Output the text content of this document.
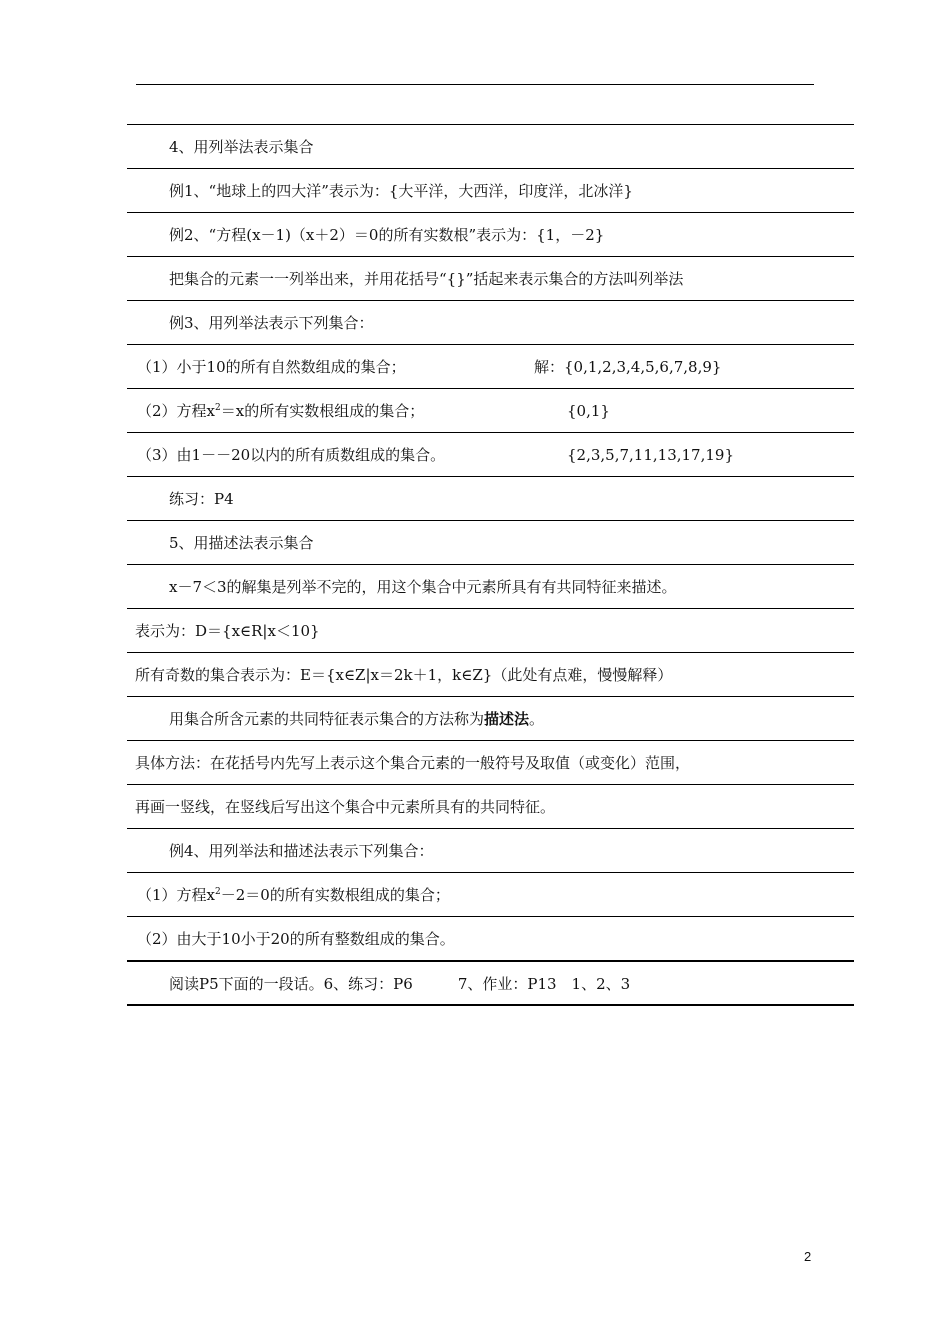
4、用列举法表示集合
例1、“地球上的四大洋”表示为：{大平洋，大西洋，印度洋，北冰洋}
例2、“方程(x－1)（x＋2）＝0的所有实数根”表示为：{1，－2}
把集合的元素一一列举出来，并用花括号“{}”括起来表示集合的方法叫列举法
例3、用列举法表示下列集合：
（1）小于10的所有自然数组成的集合；	解：{0,1,2,3,4,5,6,7,8,9}
（2）方程$x^2=x$的所有实数根组成的集合；	{0,1}
（3）由1－－20以内的所有质数组成的集合。	{2,3,5,7,11,13,17,19}
练习：P4
5、用描述法表示集合
x－7＜3的解集是列举不完的，用这个集合中元素所具有有共同特征来描述。
表示为：D＝{x∈R|x＜10}
所有奇数的集合表示为：E＝{x∈Z|x＝2k＋1，k∈Z}（此处有点难，慢慢解释）
用集合所含元素的共同特征表示集合的方法称为描述法。
具体方法：在花括号内先写上表示这个集合元素的一般符号及取值（或变化）范围，
再画一竖线，在竖线后写出这个集合中元素所具有的共同特征。
例4、用列举法和描述法表示下列集合：
（1）方程$x^2-2=0$的所有实数根组成的集合；
（2）由大于10小于20的所有整数组成的集合。
阅读P5下面的一段话。6、练习：P6　　　7、作业：P13　1、2、3
2
